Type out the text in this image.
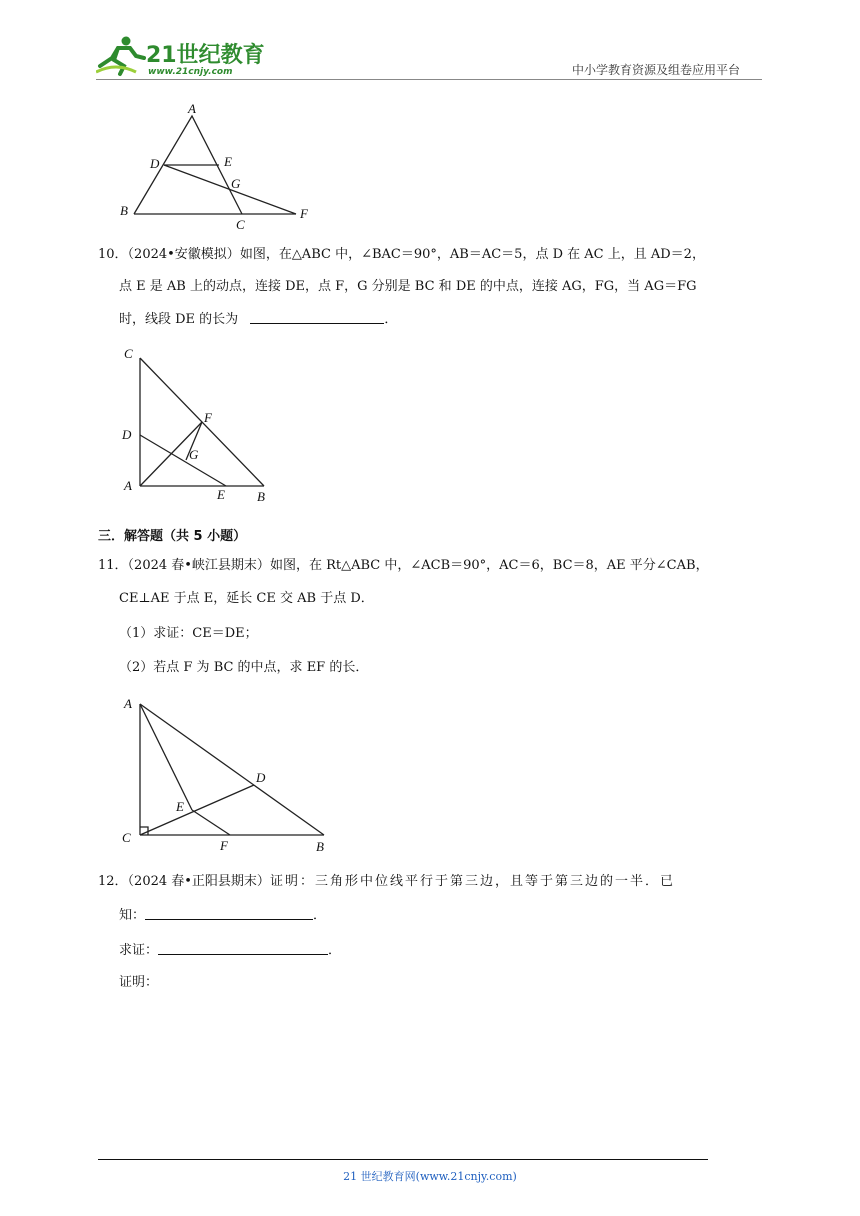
21世纪教育
www.21cnjy.com	中小学教育资源及组卷应用平台
A
B
C
D	E
F
G
10．（2024•安徽模拟）如图，在△ABC 中，∠BAC＝90°，AB＝AC＝5，点 D 在 AC 上，且 AD＝2，
点 E 是 AB 上的动点，连接 DE，点 F，G 分别是 BC 和 DE 的中点，连接 AG，FG，当 AG＝FG
时，线段 DE 的长为	．
C
D
A
E B
F
G
三．解答题（共 5 小题）
11．（2024 春•峡江县期末）如图，在 Rt△ABC 中，∠ACB＝90°，AC＝6，BC＝8，AE 平分∠CAB，
CE⊥AE 于点 E，延长 CE 交 AB 于点 D．
（1）求证：CE＝DE；
（2）若点 F 为 BC 的中点，求 EF 的长．
A
D
E
C
F	B
12．（2024 春•正阳县期末）证明：三角形中位线平行于第三边，且等于第三边的一半．已
知：	．
求证：	．
证明：
21 世纪教育网(www.21cnjy.com)
